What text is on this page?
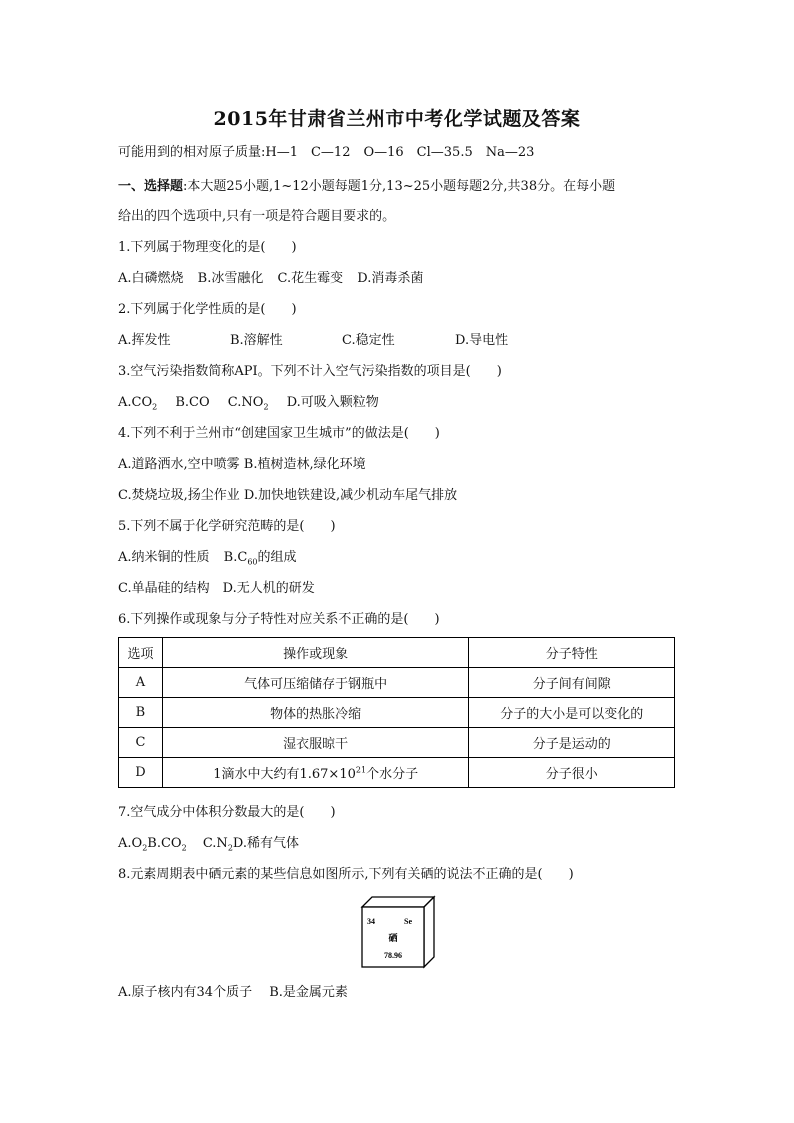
2015年甘肃省兰州市中考化学试题及答案
可能用到的相对原子质量:H—1　C—12　O—16　Cl—35.5　Na—23
一、选择题:本大题25小题,1~12小题每题1分,13~25小题每题2分,共38分。在每小题
给出的四个选项中,只有一项是符合题目要求的。
1.下列属于物理变化的是(　　)
A.白磷燃烧 B.冰雪融化 C.花生霉变 D.消毒杀菌
2.下列属于化学性质的是(　　)
A.挥发性	B.溶解性	C.稳定性	D.导电性
3.空气污染指数简称API。下列不计入空气污染指数的项目是(　　)
$A.CO_2$ B.CO $C.NO_2$ D.可吸入颗粒物
4.下列不利于兰州市“创建国家卫生城市”的做法是(　　)
A.道路洒水,空中喷雾 B.植树造林,绿化环境
C.焚烧垃圾,扬尘作业 D.加快地铁建设,减少机动车尾气排放
5.下列不属于化学研究范畴的是(　　)
A.纳米铜的性质 $B.C_{60}$的组成
C.单晶硅的结构　D.无人机的研发
6.下列操作或现象与分子特性对应关系不正确的是(　　)
选项	操作或现象	分子特性
A	气体可压缩储存于钢瓶中	分子间有间隙
B	物体的热胀冷缩	分子的大小是可以变化的
C	湿衣服晾干	分子是运动的
D	1滴水中大约有$1.67\times 10^{21}$个水分子	分子很小
7.空气成分中体积分数最大的是(　　)
$A.O_2B.CO_2$ $C.N_2D$.稀有气体
8.元素周期表中硒元素的某些信息如图所示,下列有关硒的说法不正确的是(　　)
34	Se
硒
78.96
A.原子核内有34个质子　 B.是金属元素
